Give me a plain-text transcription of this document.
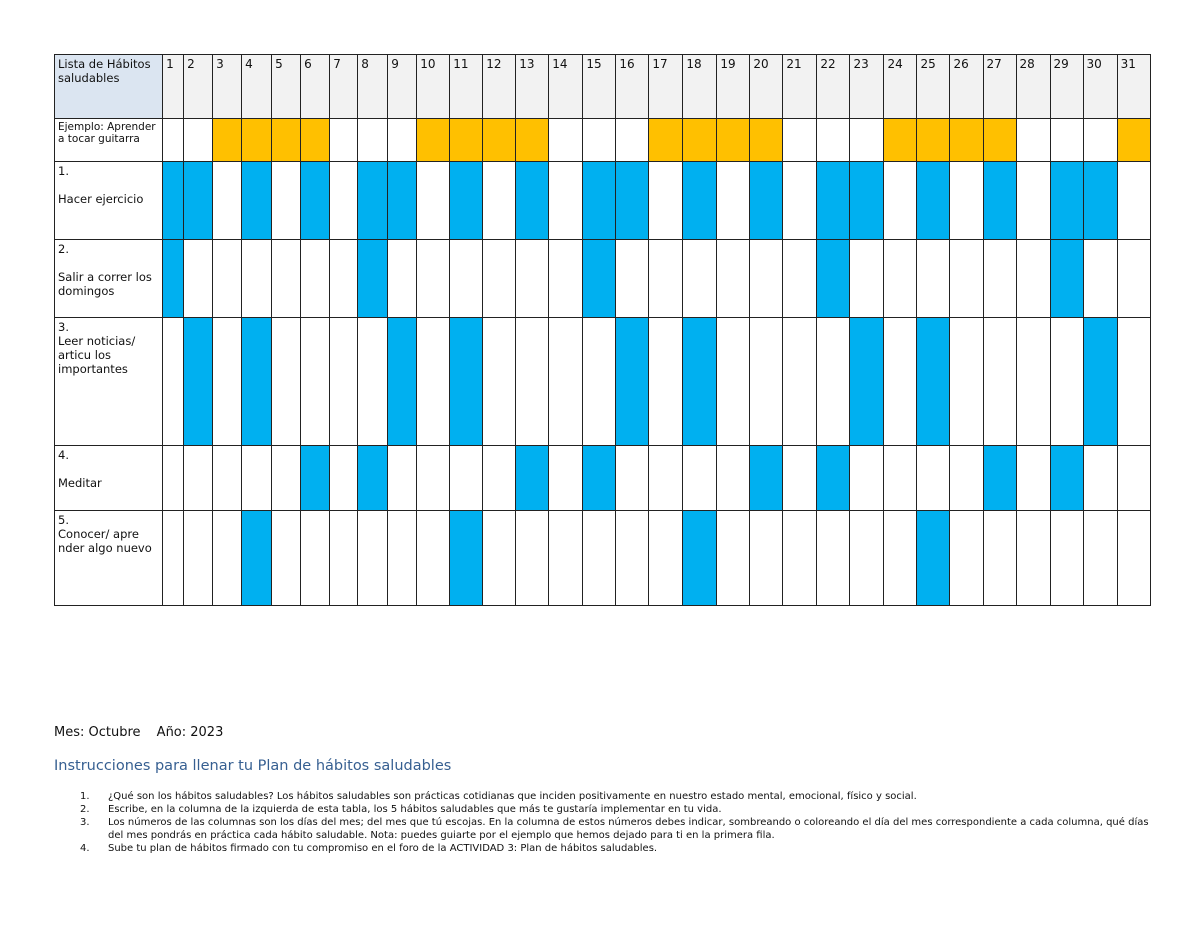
Lista de Hábitos saludables	1	2	3	4	5	6	7	8	9	10	11	12	13	14	15	16	17	18	19	20	21	22	23	24	25	26	27	28	29	30	31
Ejemplo: Aprender a tocar guitarra																															
1.

Hacer ejercicio																															
2.

Salir a correr los domingos																															
3.
Leer noticias/ articu los importantes																															
4.

Meditar																															
5.
Conocer/ apre nder algo nuevo																															
Mes: Octubre Año: 2023
Instrucciones para llenar tu Plan de hábitos saludables
1.	¿Qué son los hábitos saludables? Los hábitos saludables son prácticas cotidianas que inciden positivamente en nuestro estado mental, emocional, físico y social.
2.	Escribe, en la columna de la izquierda de esta tabla, los 5 hábitos saludables que más te gustaría implementar en tu vida.
3.	Los números de las columnas son los días del mes; del mes que tú escojas. En la columna de estos números debes indicar, sombreando o coloreando el día del mes correspondiente a cada columna, qué días del mes pondrás en práctica cada hábito saludable. Nota: puedes guiarte por el ejemplo que hemos dejado para ti en la primera fila.
4.	Sube tu plan de hábitos firmado con tu compromiso en el foro de la ACTIVIDAD 3: Plan de hábitos saludables.
